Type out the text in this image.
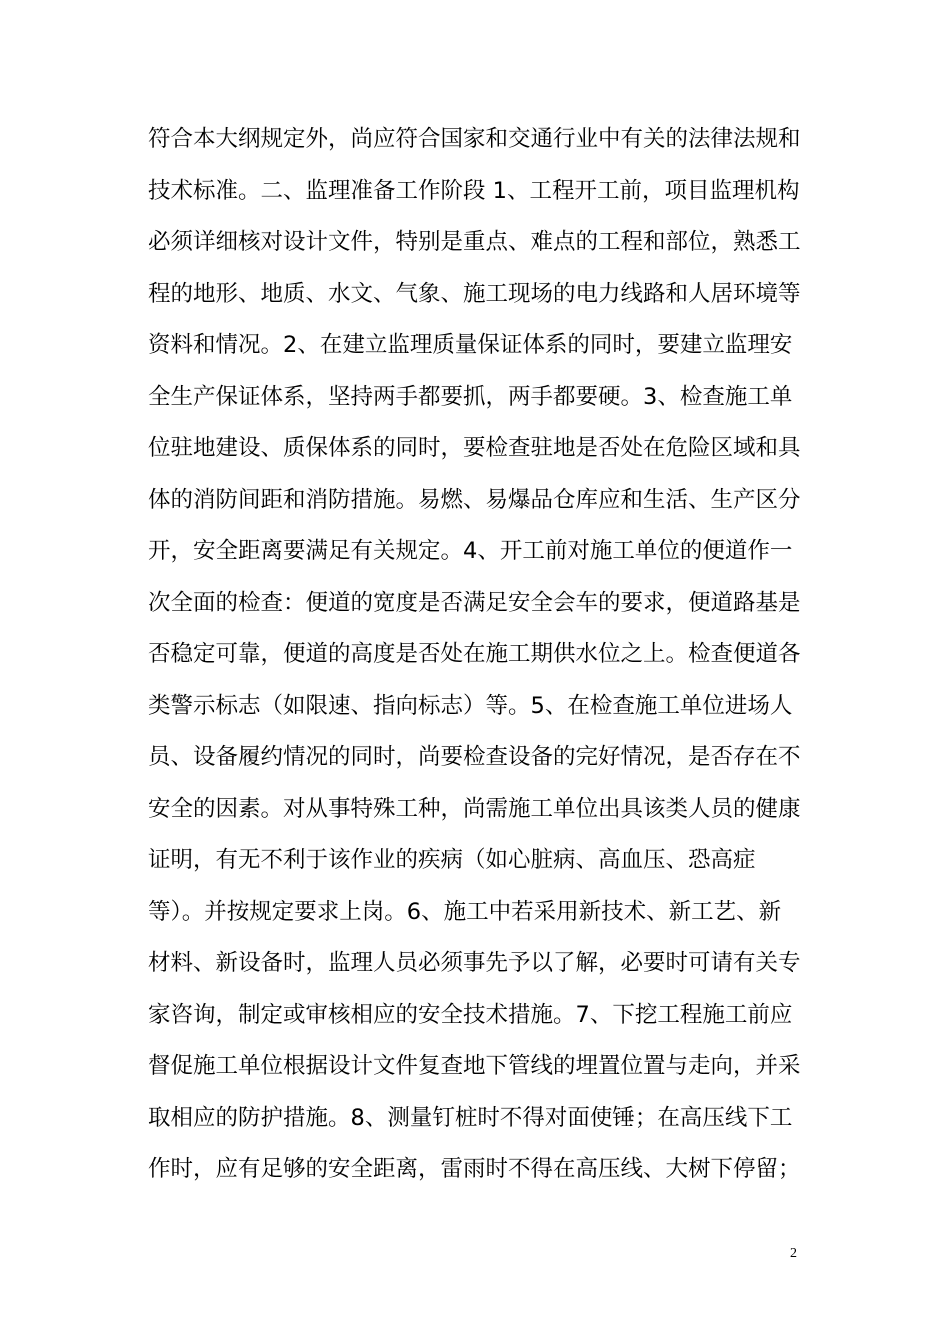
符合本大纲规定外，尚应符合国家和交通行业中有关的法律法规和
技术标准。二、监理准备工作阶段 1、工程开工前，项目监理机构
必须详细核对设计文件，特别是重点、难点的工程和部位，熟悉工
程的地形、地质、水文、气象、施工现场的电力线路和人居环境等
资料和情况。2、在建立监理质量保证体系的同时，要建立监理安
全生产保证体系，坚持两手都要抓，两手都要硬。3、检查施工单
位驻地建设、质保体系的同时，要检查驻地是否处在危险区域和具
体的消防间距和消防措施。易燃、易爆品仓库应和生活、生产区分
开，安全距离要满足有关规定。4、开工前对施工单位的便道作一
次全面的检查：便道的宽度是否满足安全会车的要求，便道路基是
否稳定可靠，便道的高度是否处在施工期供水位之上。检查便道各
类警示标志（如限速、指向标志）等。5、在检查施工单位进场人
员、设备履约情况的同时，尚要检查设备的完好情况，是否存在不
安全的因素。对从事特殊工种，尚需施工单位出具该类人员的健康
证明，有无不利于该作业的疾病（如心脏病、高血压、恐高症
等）。并按规定要求上岗。6、施工中若采用新技术、新工艺、新
材料、新设备时，监理人员必须事先予以了解，必要时可请有关专
家咨询，制定或审核相应的安全技术措施。7、下挖工程施工前应
督促施工单位根据设计文件复查地下管线的埋置位置与走向，并采
取相应的防护措施。8、测量钉桩时不得对面使锤；在高压线下工
作时，应有足够的安全距离，雷雨时不得在高压线、大树下停留；
2
